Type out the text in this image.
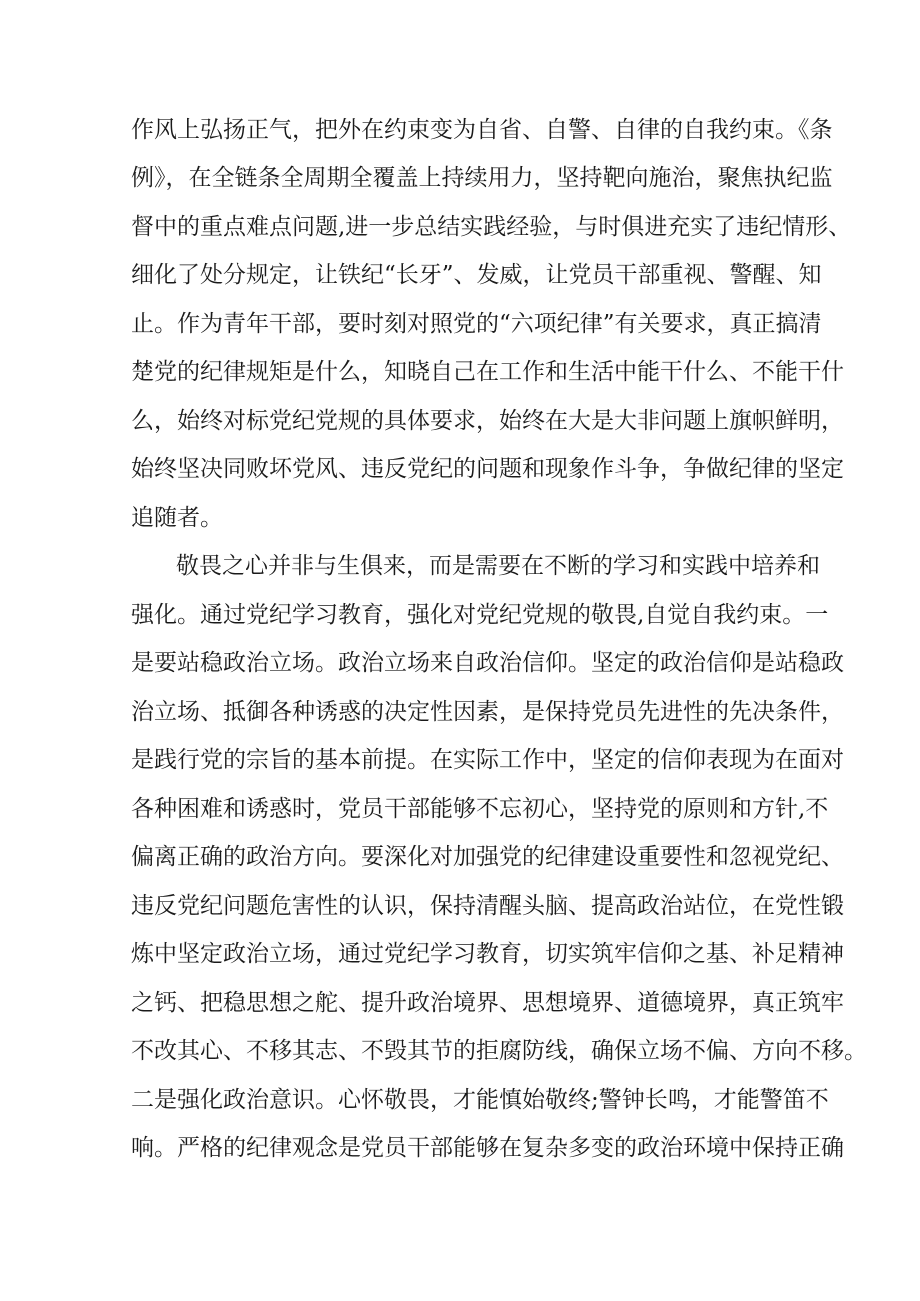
作风上弘扬正气，把外在约束变为自省、自警、自律的自我约束。《条
例》，在全链条全周期全覆盖上持续用力，坚持靶向施治，聚焦执纪监
督中的重点难点问题,进一步总结实践经验，与时俱进充实了违纪情形、
细化了处分规定，让铁纪“长牙”、发威，让党员干部重视、警醒、知
止。作为青年干部，要时刻对照党的“六项纪律”有关要求，真正搞清
楚党的纪律规矩是什么，知晓自己在工作和生活中能干什么、不能干什
么，始终对标党纪党规的具体要求，始终在大是大非问题上旗帜鲜明，
始终坚决同败坏党风、违反党纪的问题和现象作斗争，争做纪律的坚定
追随者。
敬畏之心并非与生俱来，而是需要在不断的学习和实践中培养和
强化。通过党纪学习教育，强化对党纪党规的敬畏,自觉自我约束。一
是要站稳政治立场。政治立场来自政治信仰。坚定的政治信仰是站稳政
治立场、抵御各种诱惑的决定性因素，是保持党员先进性的先决条件，
是践行党的宗旨的基本前提。在实际工作中，坚定的信仰表现为在面对
各种困难和诱惑时，党员干部能够不忘初心，坚持党的原则和方针,不
偏离正确的政治方向。要深化对加强党的纪律建设重要性和忽视党纪、
违反党纪问题危害性的认识，保持清醒头脑、提高政治站位，在党性锻
炼中坚定政治立场，通过党纪学习教育，切实筑牢信仰之基、补足精神
之钙、把稳思想之舵、提升政治境界、思想境界、道德境界，真正筑牢
不改其心、不移其志、不毁其节的拒腐防线，确保立场不偏、方向不移。
二是强化政治意识。心怀敬畏，才能慎始敬终;警钟长鸣，才能警笛不
响。严格的纪律观念是党员干部能够在复杂多变的政治环境中保持正确
